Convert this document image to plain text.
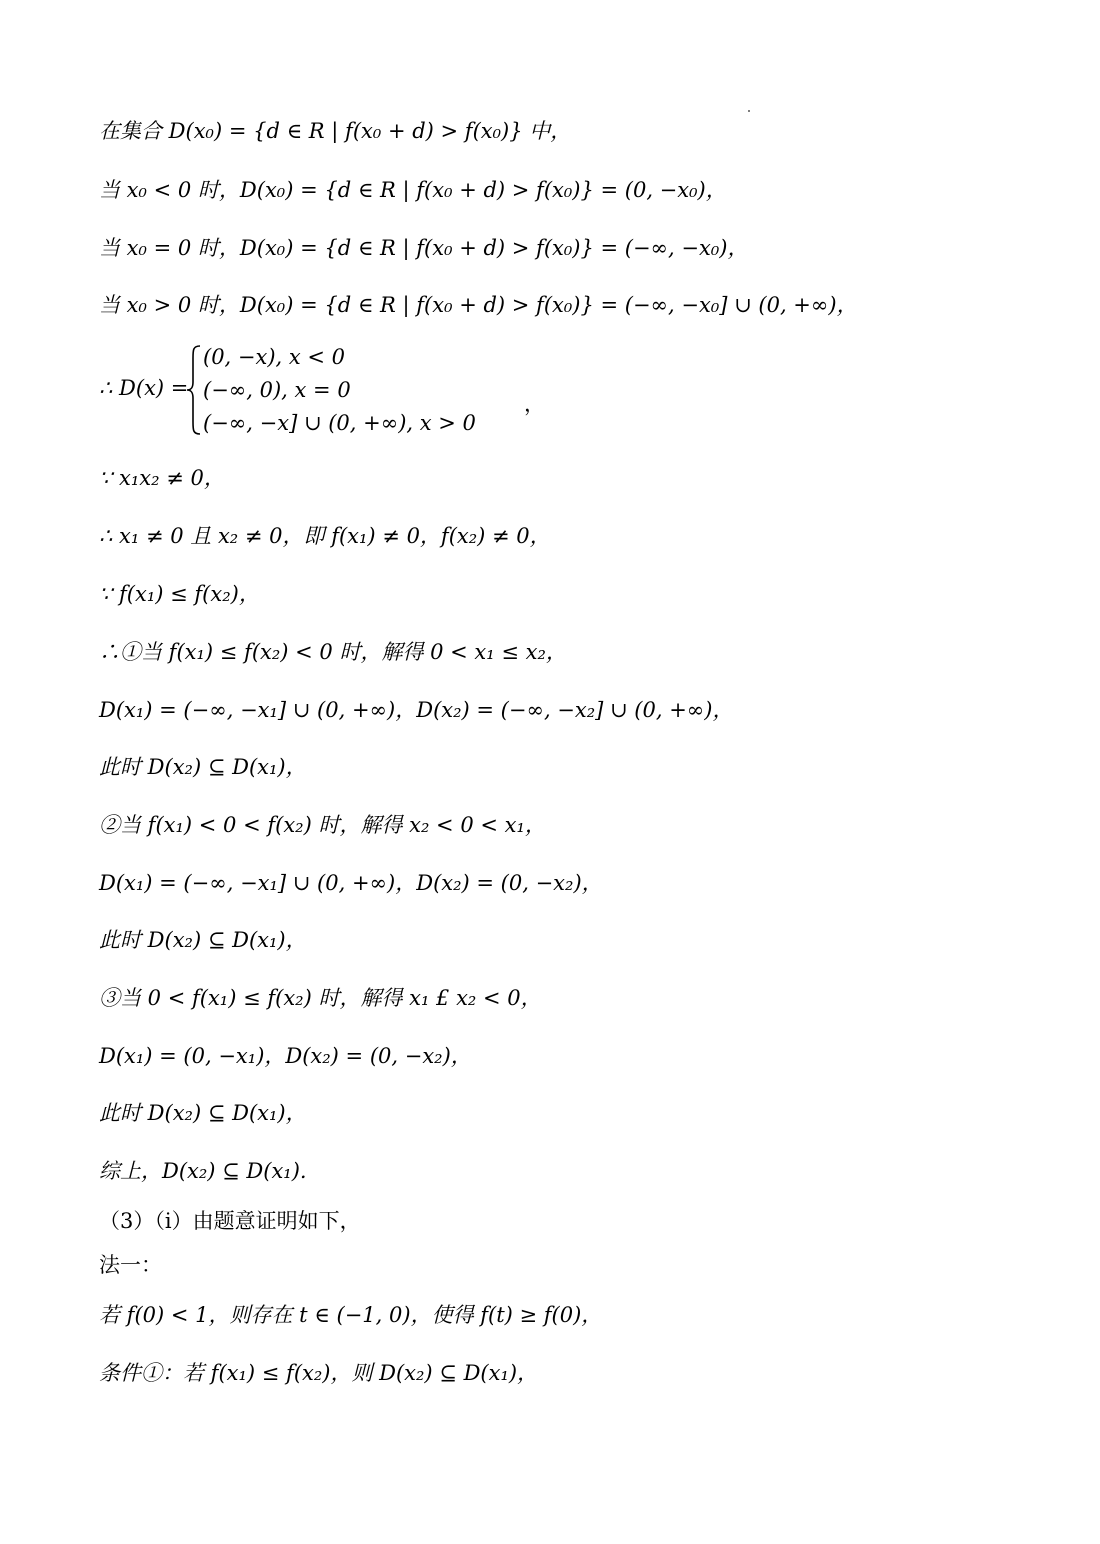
在集合 D(x₀) = {d ∈ R | f(x₀ + d) > f(x₀)} 中，
当 x₀ < 0 时，D(x₀) = {d ∈ R | f(x₀ + d) > f(x₀)} = (0, −x₀)，
当 x₀ = 0 时，D(x₀) = {d ∈ R | f(x₀ + d) > f(x₀)} = (−∞, −x₀)，
当 x₀ > 0 时，D(x₀) = {d ∈ R | f(x₀ + d) > f(x₀)} = (−∞, −x₀] ∪ (0, +∞)，
∴ D(x) =
(0, −x), x < 0
(−∞, 0), x = 0
(−∞, −x] ∪ (0, +∞), x > 0
，
∵ x₁x₂ ≠ 0，
∴ x₁ ≠ 0 且 x₂ ≠ 0，即 f(x₁) ≠ 0，f(x₂) ≠ 0，
∵ f(x₁) ≤ f(x₂)，
∴①当 f(x₁) ≤ f(x₂) < 0 时，解得 0 < x₁ ≤ x₂，
D(x₁) = (−∞, −x₁] ∪ (0, +∞)，D(x₂) = (−∞, −x₂] ∪ (0, +∞)，
此时 D(x₂) ⊆ D(x₁)，
②当 f(x₁) < 0 < f(x₂) 时，解得 x₂ < 0 < x₁，
D(x₁) = (−∞, −x₁] ∪ (0, +∞)，D(x₂) = (0, −x₂)，
此时 D(x₂) ⊆ D(x₁)，
③当 0 < f(x₁) ≤ f(x₂) 时，解得 x₁ £ x₂ < 0，
D(x₁) = (0, −x₁)，D(x₂) = (0, −x₂)，
此时 D(x₂) ⊆ D(x₁)，
综上，D(x₂) ⊆ D(x₁).
（3）（i）由题意证明如下，
法一：
若 f(0) < 1，则存在 t ∈ (−1, 0)，使得 f(t) ≥ f(0)，
条件①：若 f(x₁) ≤ f(x₂)，则 D(x₂) ⊆ D(x₁)，
